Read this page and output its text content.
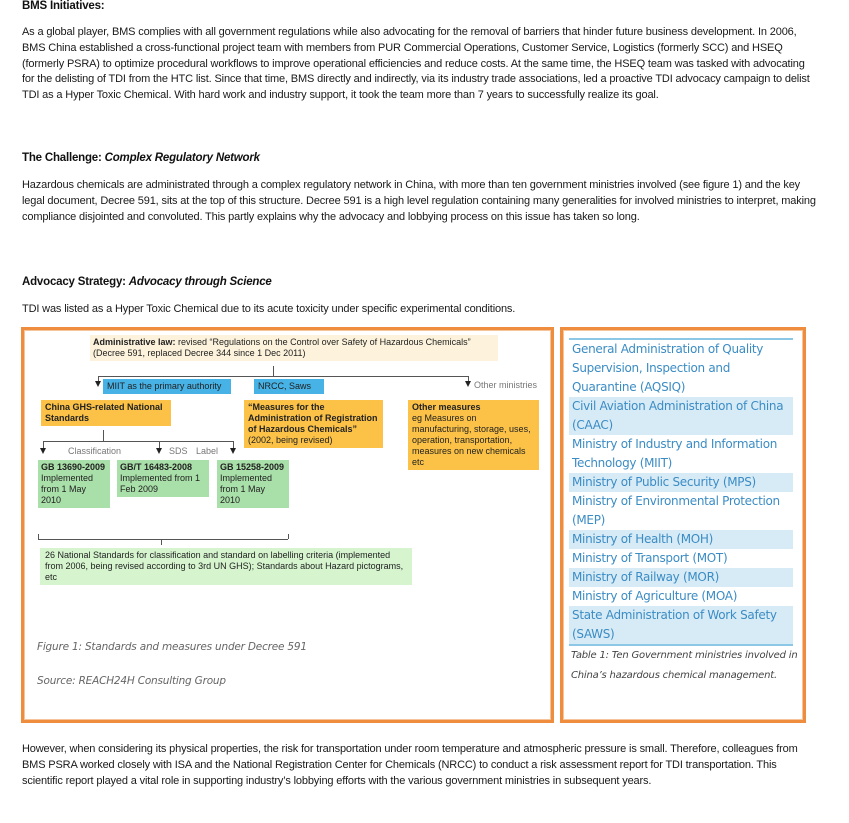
BMS Initiatives:
As a global player, BMS complies with all government regulations while also advocating for the removal of barriers that hinder future business development. In 2006, BMS China established a cross-functional project team with members from PUR Commercial Operations, Customer Service, Logistics (formerly SCC) and HSEQ (formerly PSRA) to optimize procedural workflows to improve operational efficiencies and reduce costs. At the same time, the HSEQ team was tasked with advocating for the delisting of TDI from the HTC list. Since that time, BMS directly and indirectly, via its industry trade associations, led a proactive TDI advocacy campaign to delist TDI as a Hyper Toxic Chemical. With hard work and industry support, it took the team more than 7 years to successfully realize its goal.
The Challenge: Complex Regulatory Network
Hazardous chemicals are administrated through a complex regulatory network in China, with more than ten government ministries involved (see figure 1) and the key legal document, Decree 591, sits at the top of this structure. Decree 591 is a high level regulation containing many generalities for involved ministries to interpret, making compliance disjointed and convoluted. This partly explains why the advocacy and lobbying process on this issue has taken so long.
Advocacy Strategy: Advocacy through Science
TDI was listed as a Hyper Toxic Chemical due to its acute toxicity under specific experimental conditions.
However, when considering its physical properties, the risk for transportation under room temperature and atmospheric pressure is small. Therefore, colleagues from BMS PSRA worked closely with ISA and the National Registration Center for Chemicals (NRCC) to conduct a risk assessment report for TDI transportation. This scientific report played a vital role in supporting industry’s lobbying efforts with the various government ministries in subsequent years.
Administrative law: revised “Regulations on the Control over Safety of Hazardous Chemicals” (Decree 591, replaced Decree 344 since 1 Dec 2011)
MIIT as the primary authority	NRCC, Saws	Other ministries
China GHS-related National Standards
“Measures for the Administration of Registration of Hazardous Chemicals”
(2002, being revised)
Other measures
eg Measures on manufacturing, storage, uses, operation, transportation, measures on new chemicals etc
Classification	SDS Label
GB 13690-2009
Implemented from 1 May 2010
GB/T 16483-2008
Implemented from 1 Feb 2009
GB 15258-2009
Implemented from 1 May 2010
26 National Standards for classification and standard on labelling criteria (implemented from 2006, being revised according to 3rd UN GHS); Standards about Hazard pictograms, etc
Figure 1: Standards and measures under Decree 591
Source: REACH24H Consulting Group
General Administration of Quality Supervision, Inspection and Quarantine (AQSIQ)
Civil Aviation Administration of China (CAAC)
Ministry of Industry and Information Technology (MIIT)
Ministry of Public Security (MPS)
Ministry of Environmental Protection (MEP)
Ministry of Health (MOH)
Ministry of Transport (MOT)
Ministry of Railway (MOR)
Ministry of Agriculture (MOA)
State Administration of Work Safety (SAWS)
Table 1: Ten Government ministries involved in China’s hazardous chemical management.
